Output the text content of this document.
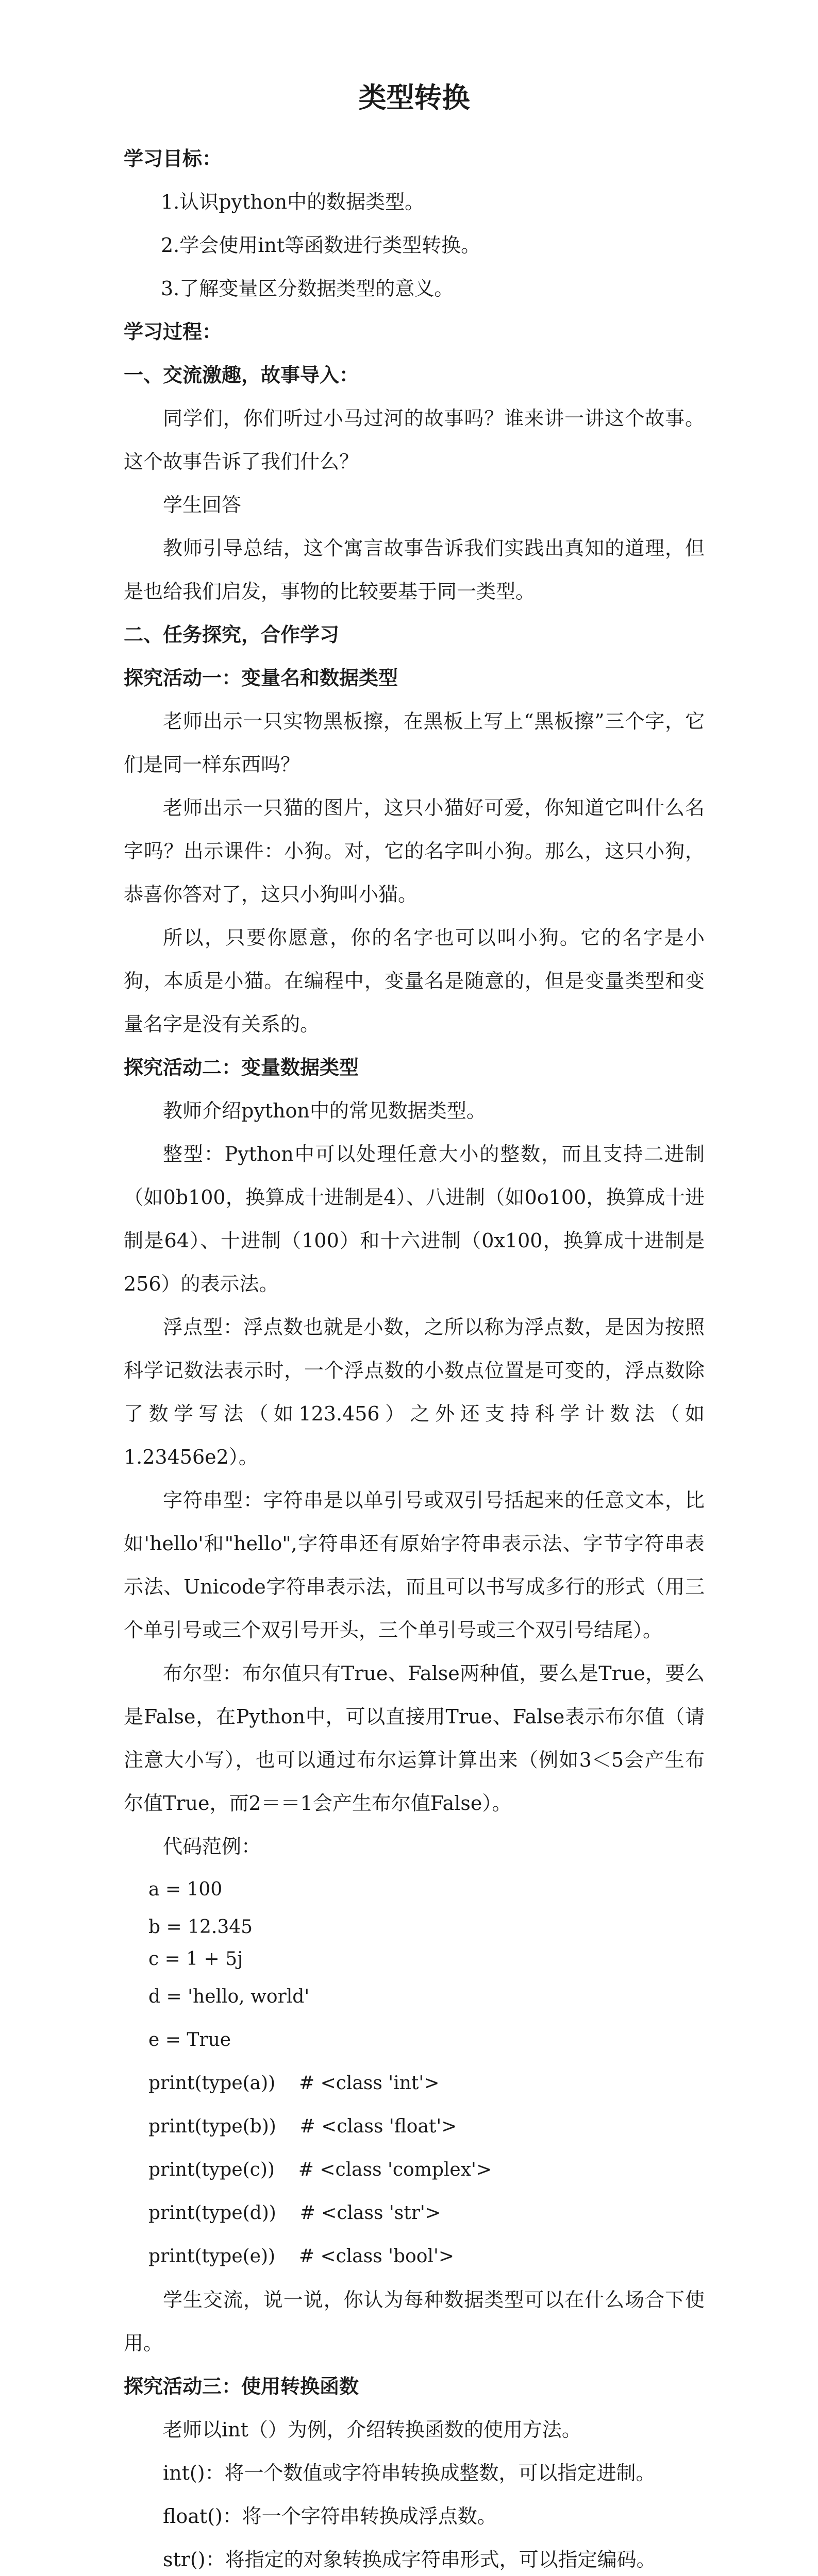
类型转换
学习目标：
1.认识python中的数据类型。
2.学会使用int等函数进行类型转换。
3.了解变量区分数据类型的意义。
学习过程：
一、交流激趣，故事导入：
同学们，你们听过小马过河的故事吗？谁来讲一讲这个故事。这个故事告诉了我们什么？
学生回答
教师引导总结，这个寓言故事告诉我们实践出真知的道理，但是也给我们启发，事物的比较要基于同一类型。
二、任务探究，合作学习
探究活动一：变量名和数据类型
老师出示一只实物黑板擦，在黑板上写上“黑板擦”三个字，它们是同一样东西吗？
老师出示一只猫的图片，这只小猫好可爱，你知道它叫什么名字吗？出示课件：小狗。对，它的名字叫小狗。那么，这只小狗，恭喜你答对了，这只小狗叫小猫。
所以，只要你愿意，你的名字也可以叫小狗。它的名字是小狗，本质是小猫。在编程中，变量名是随意的，但是变量类型和变量名字是没有关系的。
探究活动二：变量数据类型
教师介绍python中的常见数据类型。
整型：Python中可以处理任意大小的整数，而且支持二进制（如0b100，换算成十进制是4）、八进制（如0o100，换算成十进制是64）、十进制（100）和十六进制（0x100，换算成十进制是256）的表示法。
浮点型：浮点数也就是小数，之所以称为浮点数，是因为按照科学记数法表示时，一个浮点数的小数点位置是可变的，浮点数除了数学写法（如123.456）之外还支持科学计数法（如1.23456e2）。
字符串型：字符串是以单引号或双引号括起来的任意文本，比如'hello'和"hello",字符串还有原始字符串表示法、字节字符串表示法、Unicode字符串表示法，而且可以书写成多行的形式（用三个单引号或三个双引号开头，三个单引号或三个双引号结尾）。
布尔型：布尔值只有True、False两种值，要么是True，要么是False，在Python中，可以直接用True、False表示布尔值（请注意大小写），也可以通过布尔运算计算出来（例如3＜5会产生布尔值True，而2＝＝1会产生布尔值False）。
代码范例：
a = 100
b = 12.345
c = 1 + 5j
d = 'hello, world'
e = True
print(type(a))    # <class 'int'>
print(type(b))    # <class 'float'>
print(type(c))    # <class 'complex'>
print(type(d))    # <class 'str'>
print(type(e))    # <class 'bool'>
学生交流，说一说，你认为每种数据类型可以在什么场合下使用。
探究活动三：使用转换函数
老师以int（）为例，介绍转换函数的使用方法。
int()：将一个数值或字符串转换成整数，可以指定进制。
float()：将一个字符串转换成浮点数。
str()：将指定的对象转换成字符串形式，可以指定编码。
